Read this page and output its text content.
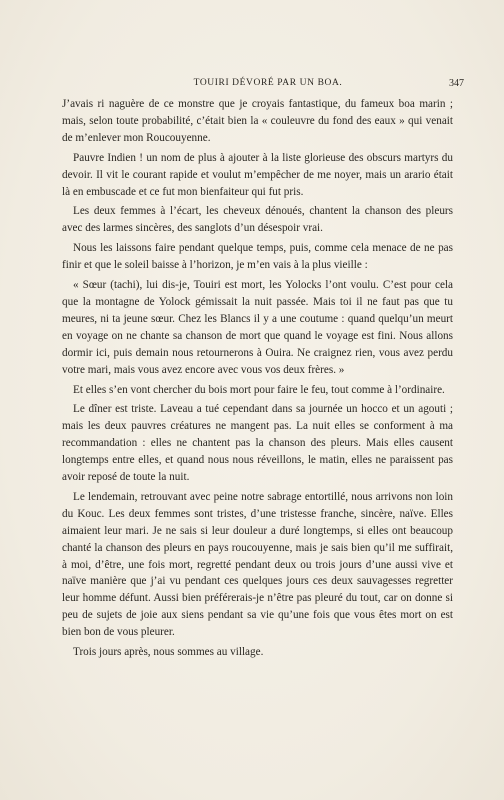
TOUIRI DÉVORÉ PAR UN BOA.	347

J’avais ri naguère de ce monstre que je croyais fantastique, du fameux boa marin ; mais, selon toute probabilité, c’était bien la « couleuvre du fond des eaux » qui venait de m’enlever mon Roucouyenne.

Pauvre Indien ! un nom de plus à ajouter à la liste glorieuse des obscurs martyrs du devoir. Il vit le courant rapide et voulut m’empêcher de me noyer, mais un arario était là en embuscade et ce fut mon bienfaiteur qui fut pris.

Les deux femmes à l’écart, les cheveux dénoués, chantent la chanson des pleurs avec des larmes sincères, des sanglots d’un désespoir vrai.

Nous les laissons faire pendant quelque temps, puis, comme cela menace de ne pas finir et que le soleil baisse à l’horizon, je m’en vais à la plus vieille :

« Sœur (tachi), lui dis-je, Touiri est mort, les Yolocks l’ont voulu. C’est pour cela que la montagne de Yolock gémissait la nuit passée. Mais toi il ne faut pas que tu meures, ni ta jeune sœur. Chez les Blancs il y a une coutume : quand quelqu’un meurt en voyage on ne chante sa chanson de mort que quand le voyage est fini. Nous allons dormir ici, puis demain nous retournerons à Ouira. Ne craignez rien, vous avez perdu votre mari, mais vous avez encore avec vous vos deux frères. »

Et elles s’en vont chercher du bois mort pour faire le feu, tout comme à l’ordinaire.

Le dîner est triste. Laveau a tué cependant dans sa journée un hocco et un agouti ; mais les deux pauvres créatures ne mangent pas. La nuit elles se conforment à ma recommandation : elles ne chantent pas la chanson des pleurs. Mais elles causent longtemps entre elles, et quand nous nous réveillons, le matin, elles ne paraissent pas avoir reposé de toute la nuit.

Le lendemain, retrouvant avec peine notre sabrage entortillé, nous arrivons non loin du Kouc. Les deux femmes sont tristes, d’une tristesse franche, sincère, naïve. Elles aimaient leur mari. Je ne sais si leur douleur a duré longtemps, si elles ont beaucoup chanté la chanson des pleurs en pays roucouyenne, mais je sais bien qu’il me suffirait, à moi, d’être, une fois mort, regretté pendant deux ou trois jours d’une aussi vive et naïve manière que j’ai vu pendant ces quelques jours ces deux sauvagesses regretter leur homme défunt. Aussi bien préférerais-je n’être pas pleuré du tout, car on donne si peu de sujets de joie aux siens pendant sa vie qu’une fois que vous êtes mort on est bien bon de vous pleurer.

Trois jours après, nous sommes au village.
